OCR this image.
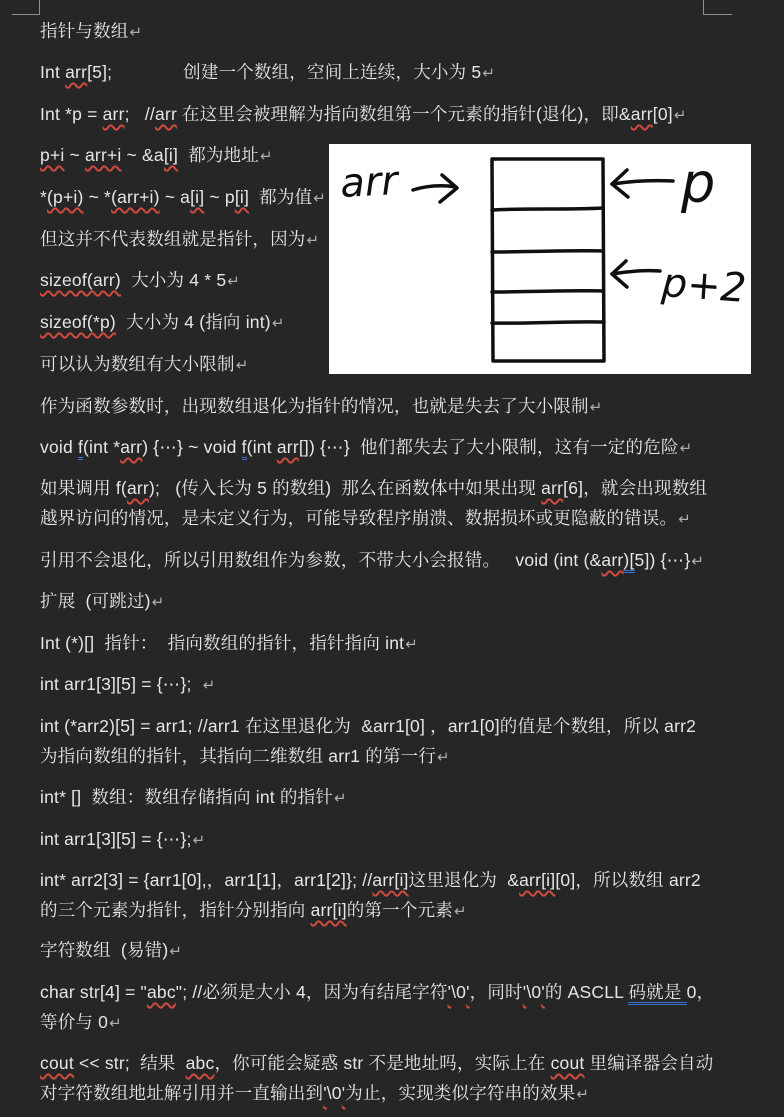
指针与数组↵
Int arr[5];              创建一个数组，空间上连续，大小为 5↵
Int *p = arr;   //arr 在这里会被理解为指向数组第一个元素的指针(退化)，即&arr[0]↵
p+i ~ arr+i ~ &a[i]  都为地址↵
*(p+i) ~ *(arr+i) ~ a[i] ~ p[i]  都为值↵
但这并不代表数组就是指针，因为↵
sizeof(arr)  大小为 4 * 5↵
sizeof(*p)  大小为 4 (指向 int)↵
可以认为数组有大小限制↵
作为函数参数时，出现数组退化为指针的情况，也就是失去了大小限制↵
void f(int *arr) {⋯} ~ void f(int arr[]) {⋯}  他们都失去了大小限制，这有一定的危险↵
如果调用 f(arr);   (传入长为 5 的数组)  那么在函数体中如果出现 arr[6]，就会出现数组
越界访问的情况，是未定义行为，可能导致程序崩溃、数据损坏或更隐蔽的错误。↵
引用不会退化，所以引用数组作为参数，不带大小会报错。   void (int (&arr)[5]) {⋯}↵
扩展  (可跳过)↵
Int (*)[]  指针：  指向数组的指针，指针指向 int↵
int arr1[3][5] = {⋯};  ↵
int (*arr2)[5] = arr1; //arr1 在这里退化为  &arr1[0] ，arr1[0]的值是个数组，所以 arr2
为指向数组的指针，其指向二维数组 arr1 的第一行↵
int* []  数组：数组存储指向 int 的指针↵
int arr1[3][5] = {⋯};↵
int* arr2[3] = {arr1[0],，arr1[1]，arr1[2]}; //arr[i]这里退化为  &arr[i][0]，所以数组 arr2
的三个元素为指针，指针分别指向 arr[i]的第一个元素↵
字符数组  (易错)↵
char str[4] = "abc"; //必须是大小 4，因为有结尾字符'\0'，同时'\0'的 ASCLL 码就是 0，
等价与 0↵
cout << str;  结果  abc，你可能会疑惑 str 不是地址吗，实际上在 cout 里编译器会自动
对字符数组地址解引用并一直输出到'\0'为止，实现类似字符串的效果↵
arr	p
p+2
